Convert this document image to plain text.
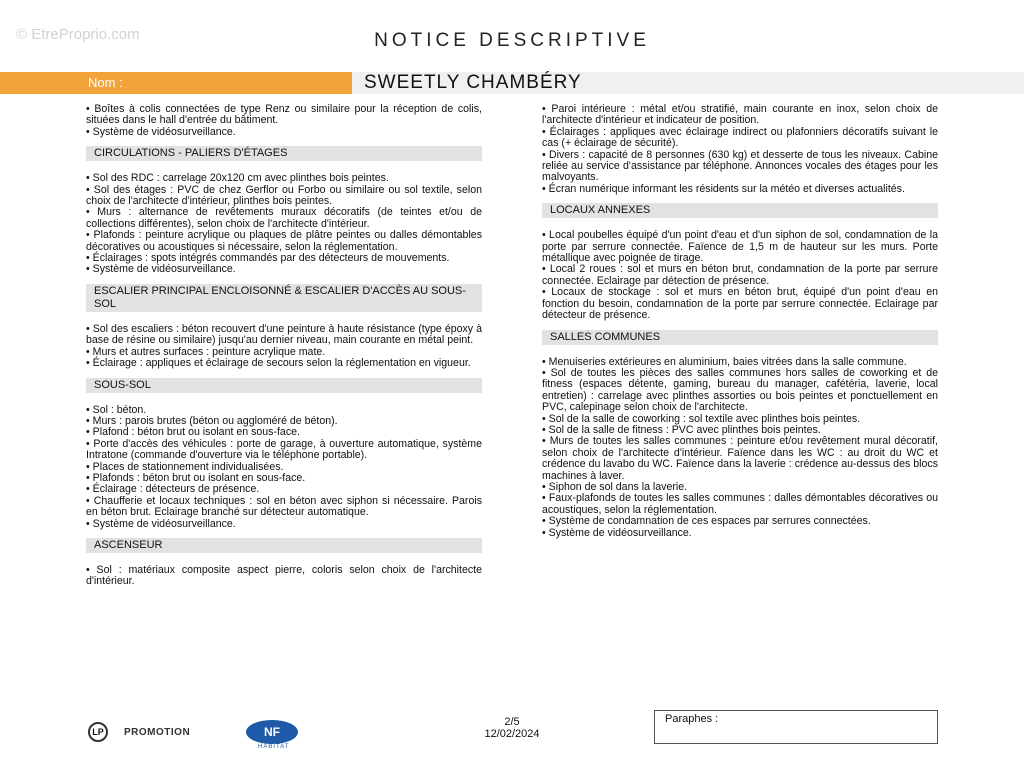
© EtreProprio.com	NOTICE DESCRIPTIVE
Nom :	SWEETLY CHAMBÉRY

• Boîtes à colis connectées de type Renz ou similaire pour la réception de colis, situées dans le hall d'entrée du bâtiment.

• Système de vidéosurveillance.

CIRCULATIONS - PALIERS D'ÉTAGES

• Sol des RDC : carrelage 20x120 cm avec plinthes bois peintes.

• Sol des étages : PVC de chez Gerflor ou Forbo ou similaire ou sol textile, selon choix de l'architecte d'intérieur, plinthes bois peintes.

• Murs : alternance de revêtements muraux décoratifs (de teintes et/ou de collections différentes), selon choix de l'architecte d'intérieur.

• Plafonds : peinture acrylique ou plaques de plâtre peintes ou dalles démontables décoratives ou acoustiques si nécessaire, selon la réglementation.

• Éclairages : spots intégrés commandés par des détecteurs de mouvements.

• Système de vidéosurveillance.

ESCALIER PRINCIPAL ENCLOISONNÉ & ESCALIER D'ACCÈS AU SOUS-SOL

• Sol des escaliers : béton recouvert d'une peinture à haute résistance (type époxy à base de résine ou similaire) jusqu'au dernier niveau, main courante en métal peint.

• Murs et autres surfaces : peinture acrylique mate.

• Éclairage : appliques et éclairage de secours selon la réglementation en vigueur.

SOUS-SOL

• Sol : béton.

• Murs : parois brutes (béton ou aggloméré de béton).

• Plafond : béton brut ou isolant en sous-face.

• Porte d'accès des véhicules : porte de garage, à ouverture automatique, système Intratone (commande d'ouverture via le téléphone portable).

• Places de stationnement individualisées.

• Plafonds : béton brut ou isolant en sous-face.

• Éclairage : détecteurs de présence.

• Chaufferie et locaux techniques : sol en béton avec siphon si nécessaire. Parois en béton brut. Eclairage branché sur détecteur automatique.

• Système de vidéosurveillance.

ASCENSEUR

• Sol : matériaux composite aspect pierre, coloris selon choix de l'architecte d'intérieur.

• Paroi intérieure : métal et/ou stratifié, main courante en inox, selon choix de l'architecte d'intérieur et indicateur de position.

• Éclairages : appliques avec éclairage indirect ou plafonniers décoratifs suivant le cas (+ éclairage de sécurité).

• Divers : capacité de 8 personnes (630 kg) et desserte de tous les niveaux. Cabine reliée au service d'assistance par téléphone. Annonces vocales des étages pour les malvoyants.

• Écran numérique informant les résidents sur la météo et diverses actualités.

LOCAUX ANNEXES

• Local poubelles équipé d'un point d'eau et d'un siphon de sol, condamnation de la porte par serrure connectée. Faïence de 1,5 m de hauteur sur les murs. Porte métallique avec poignée de tirage.

• Local 2 roues : sol et murs en béton brut, condamnation de la porte par serrure connectée. Eclairage par détection de présence.

• Locaux de stockage : sol et murs en béton brut, équipé d'un point d'eau en fonction du besoin, condamnation de la porte par serrure connectée. Eclairage par détecteur de présence.

SALLES COMMUNES

• Menuiseries extérieures en aluminium, baies vitrées dans la salle commune.

• Sol de toutes les pièces des salles communes hors salles de coworking et de fitness (espaces détente, gaming, bureau du manager, cafétéria, laverie, local entretien) : carrelage avec plinthes assorties ou bois peintes et ponctuellement en PVC, calepinage selon choix de l'architecte.

• Sol de la salle de coworking : sol textile avec plinthes bois peintes.

• Sol de la salle de fitness : PVC avec plinthes bois peintes.

• Murs de toutes les salles communes : peinture et/ou revêtement mural décoratif, selon choix de l'architecte d'intérieur. Faïence dans les WC : au droit du WC et crédence du lavabo du WC. Faïence dans la laverie : crédence au-dessus des blocs machines à laver.

• Siphon de sol dans la laverie.

• Faux-plafonds de toutes les salles communes : dalles démontables décoratives ou acoustiques, selon la réglementation.

• Système de condamnation de ces espaces par serrures connectées.

• Système de vidéosurveillance.

LP	PROMOTION	NF
HABITAT
2/5
12/02/2024
Paraphes :
